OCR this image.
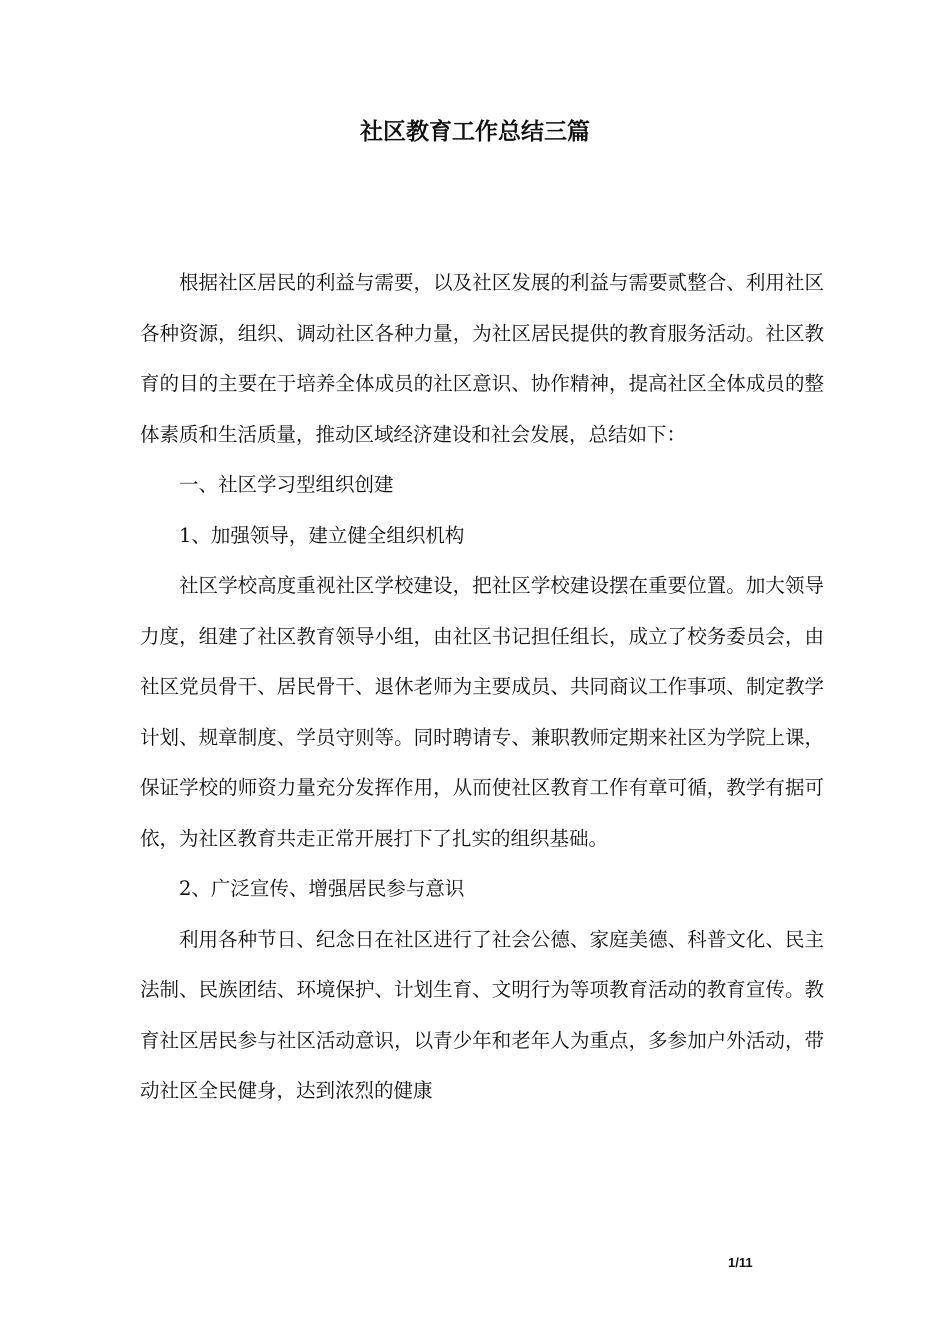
社区教育工作总结三篇

根据社区居民的利益与需要，以及社区发展的利益与需要贰整合、利用社区各种资源，组织、调动社区各种力量，为社区居民提供的教育服务活动。社区教育的目的主要在于培养全体成员的社区意识、协作精神，提高社区全体成员的整体素质和生活质量，推动区域经济建设和社会发展，总结如下：

一、社区学习型组织创建

1、加强领导，建立健全组织机构

社区学校高度重视社区学校建设，把社区学校建设摆在重要位置。加大领导力度，组建了社区教育领导小组，由社区书记担任组长，成立了校务委员会，由社区党员骨干、居民骨干、退休老师为主要成员、共同商议工作事项、制定教学计划、规章制度、学员守则等。同时聘请专、兼职教师定期来社区为学院上课，保证学校的师资力量充分发挥作用，从而使社区教育工作有章可循，教学有据可依，为社区教育共走正常开展打下了扎实的组织基础。

2、广泛宣传、增强居民参与意识

利用各种节日、纪念日在社区进行了社会公德、家庭美德、科普文化、民主法制、民族团结、环境保护、计划生育、文明行为等项教育活动的教育宣传。教育社区居民参与社区活动意识，以青少年和老年人为重点，多参加户外活动，带动社区全民健身，达到浓烈的健康

1/11
